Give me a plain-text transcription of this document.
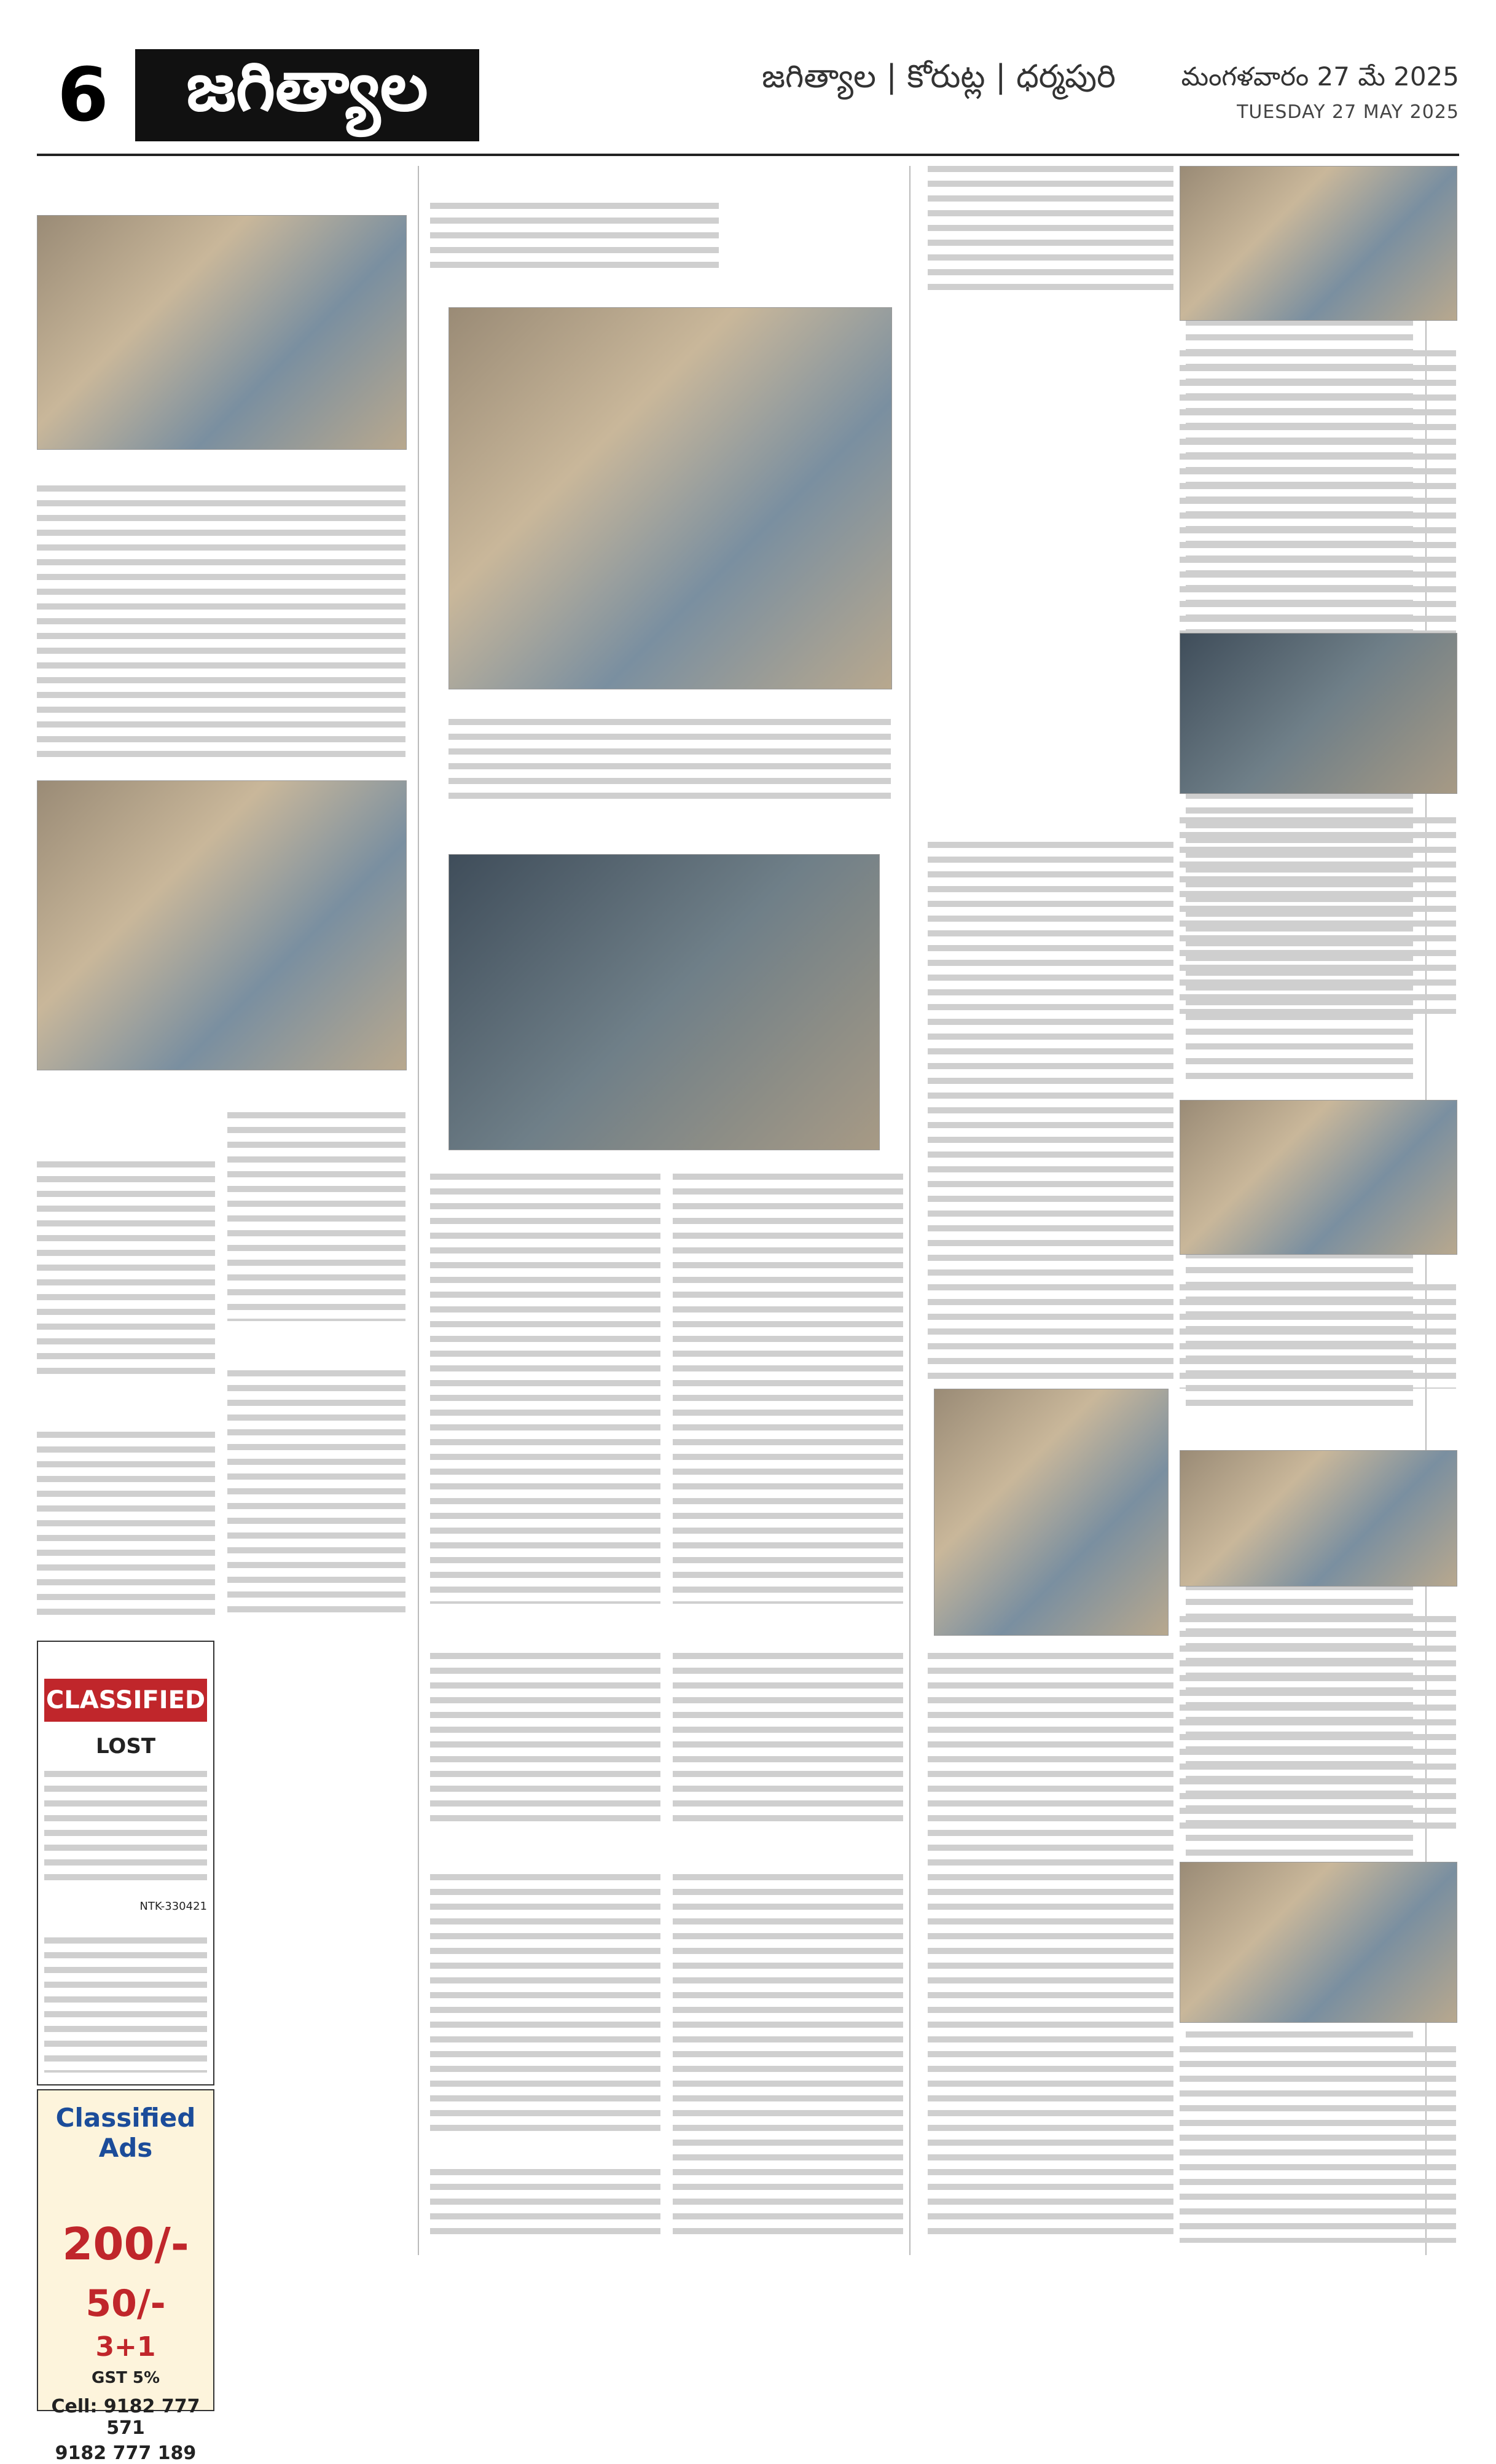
6	జగిత్యాల	జగిత్యాల | కోరుట్ల | ధర్మపురి	మంగళవారం 27 మే 2025
TUESDAY 27 MAY 2025
CLASSIFIED
LOST
NTK-330421
Classified Ads
200/-
50/-
3+1
GST 5%
Cell: 9182 777 571
9182 777 189
